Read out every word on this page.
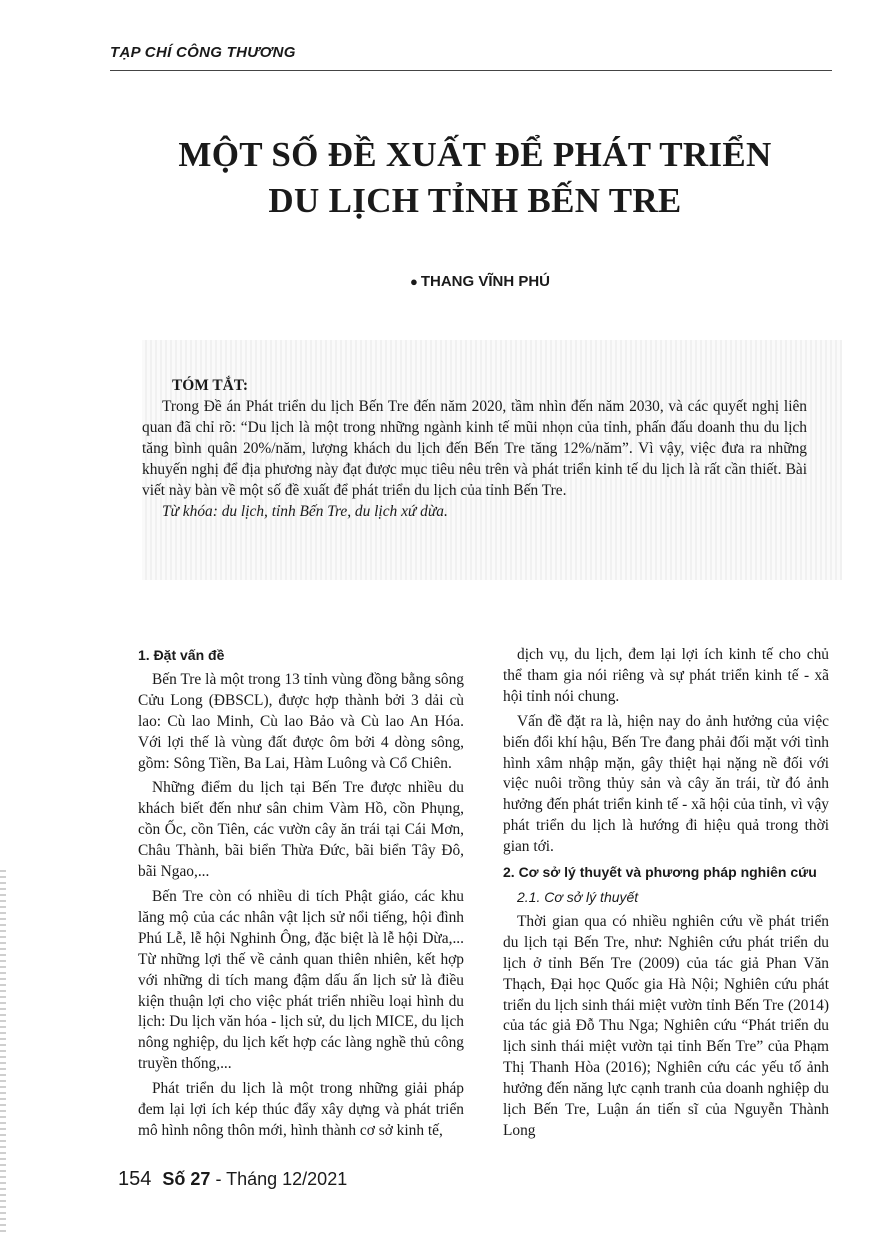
TẠP CHÍ CÔNG THƯƠNG
MỘT SỐ ĐỀ XUẤT ĐỂ PHÁT TRIỂN
DU LỊCH TỈNH BẾN TRE
● THANG VĨNH PHÚ
TÓM TẮT:

Trong Đề án Phát triển du lịch Bến Tre đến năm 2020, tầm nhìn đến năm 2030, và các quyết nghị liên quan đã chỉ rõ: “Du lịch là một trong những ngành kinh tế mũi nhọn của tỉnh, phấn đấu doanh thu du lịch tăng bình quân 20%/năm, lượng khách du lịch đến Bến Tre tăng 12%/năm”. Vì vậy, việc đưa ra những khuyến nghị để địa phương này đạt được mục tiêu nêu trên và phát triển kinh tế du lịch là rất cần thiết. Bài viết này bàn về một số đề xuất để phát triển du lịch của tỉnh Bến Tre.

Từ khóa: du lịch, tỉnh Bến Tre, du lịch xứ dừa.

1. Đặt vấn đề

Bến Tre là một trong 13 tỉnh vùng đồng bằng sông Cửu Long (ĐBSCL), được hợp thành bởi 3 dải cù lao: Cù lao Minh, Cù lao Bảo và Cù lao An Hóa. Với lợi thế là vùng đất được ôm bởi 4 dòng sông, gồm: Sông Tiền, Ba Lai, Hàm Luông và Cổ Chiên.

Những điểm du lịch tại Bến Tre được nhiều du khách biết đến như sân chim Vàm Hồ, cồn Phụng, cồn Ốc, cồn Tiên, các vườn cây ăn trái tại Cái Mơn, Châu Thành, bãi biển Thừa Đức, bãi biển Tây Đô, bãi Ngao,...

Bến Tre còn có nhiều di tích Phật giáo, các khu lăng mộ của các nhân vật lịch sử nổi tiếng, hội đình Phú Lễ, lễ hội Nghinh Ông, đặc biệt là lễ hội Dừa,... Từ những lợi thế về cảnh quan thiên nhiên, kết hợp với những di tích mang đậm dấu ấn lịch sử là điều kiện thuận lợi cho việc phát triển nhiều loại hình du lịch: Du lịch văn hóa - lịch sử, du lịch MICE, du lịch nông nghiệp, du lịch kết hợp các làng nghề thủ công truyền thống,...

Phát triển du lịch là một trong những giải pháp đem lại lợi ích kép thúc đẩy xây dựng và phát triển mô hình nông thôn mới, hình thành cơ sở kinh tế,

dịch vụ, du lịch, đem lại lợi ích kinh tế cho chủ thể tham gia nói riêng và sự phát triển kinh tế - xã hội tỉnh nói chung.

Vấn đề đặt ra là, hiện nay do ảnh hưởng của việc biến đổi khí hậu, Bến Tre đang phải đối mặt với tình hình xâm nhập mặn, gây thiệt hại nặng nề đối với việc nuôi trồng thủy sản và cây ăn trái, từ đó ảnh hưởng đến phát triển kinh tế - xã hội của tỉnh, vì vậy phát triển du lịch là hướng đi hiệu quả trong thời gian tới.

2. Cơ sở lý thuyết và phương pháp nghiên cứu

2.1. Cơ sở lý thuyết

Thời gian qua có nhiều nghiên cứu về phát triển du lịch tại Bến Tre, như: Nghiên cứu phát triển du lịch ở tỉnh Bến Tre (2009) của tác giả Phan Văn Thạch, Đại học Quốc gia Hà Nội; Nghiên cứu phát triển du lịch sinh thái miệt vườn tỉnh Bến Tre (2014) của tác giả Đỗ Thu Nga; Nghiên cứu “Phát triển du lịch sinh thái miệt vườn tại tỉnh Bến Tre” của Phạm Thị Thanh Hòa (2016); Nghiên cứu các yếu tố ảnh hưởng đến năng lực cạnh tranh của doanh nghiệp du lịch Bến Tre, Luận án tiến sĩ của Nguyễn Thành Long

154 Số 27 - Tháng 12/2021
